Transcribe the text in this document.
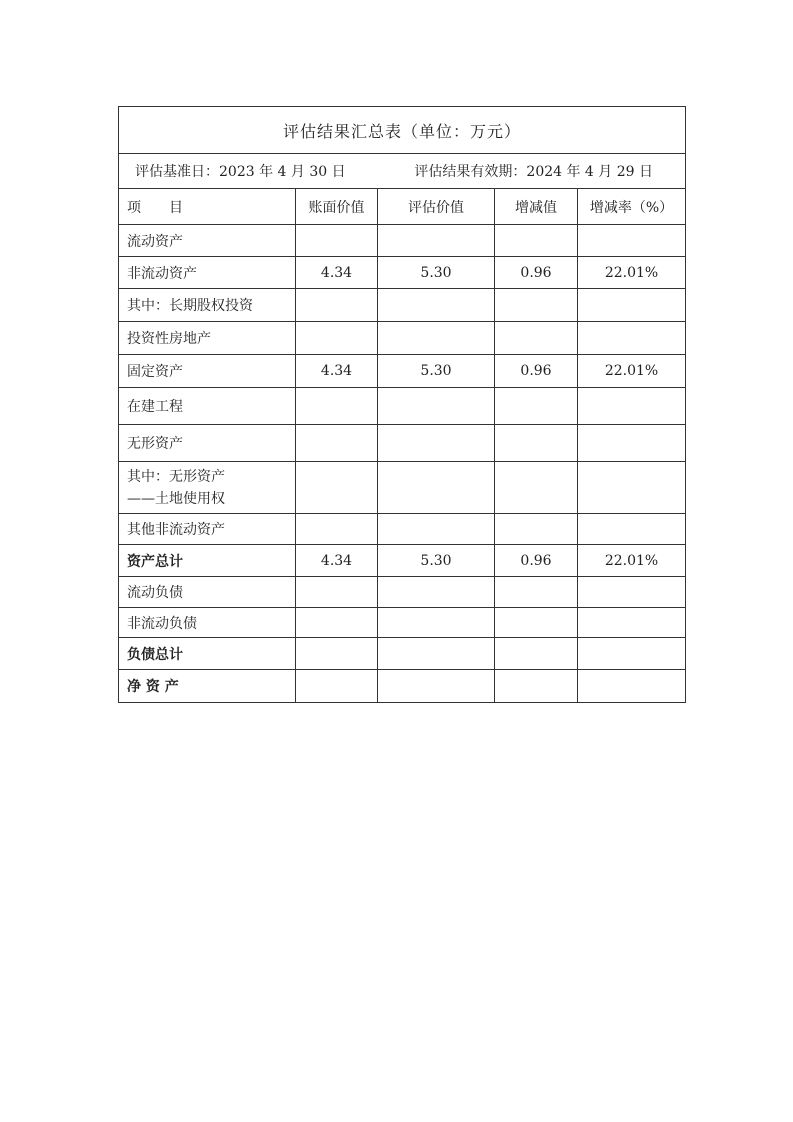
评估结果汇总表（单位：万元）				

评估基准日：2023 年 4 月 30 日 评估结果有效期：2024 年 4 月 29 日				

项　　目	账面价值	评估价值	增减值	增减率（%）
流动资产				
非流动资产	4.34	5.30	0.96	22.01%
其中：长期股权投资				
投资性房地产				
固定资产	4.34	5.30	0.96	22.01%
在建工程				
无形资产				

其中：无形资产
——土地使用权				

其他非流动资产				
资产总计	4.34	5.30	0.96	22.01%
流动负债				
非流动负债				
负债总计				
净 资 产				
